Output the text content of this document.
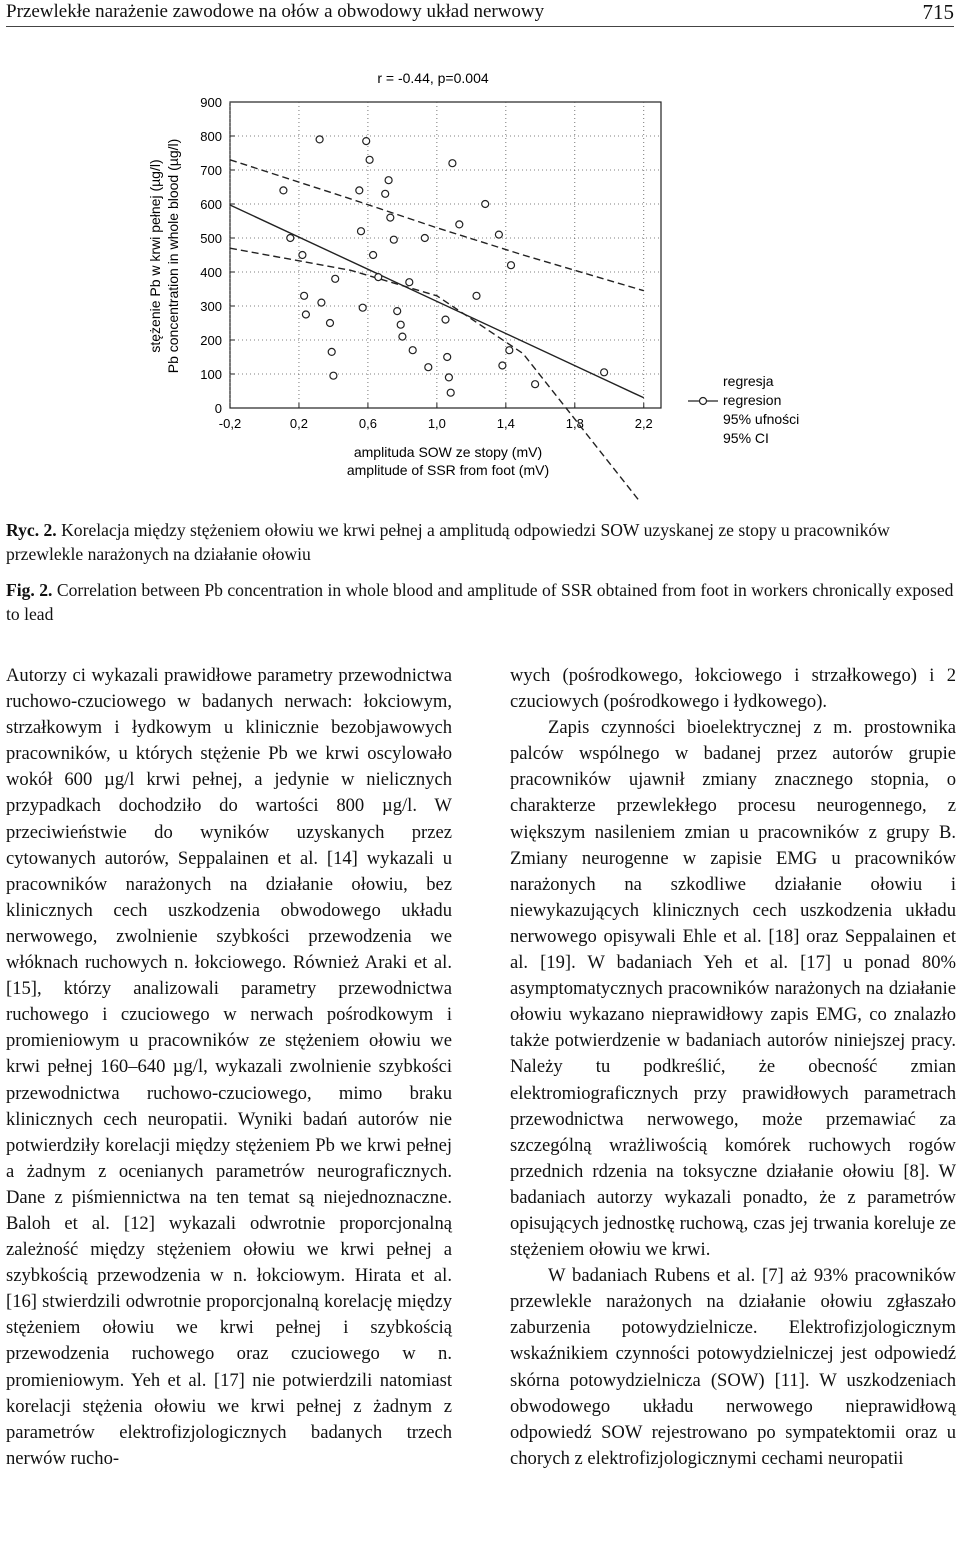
Przewlekłe narażenie zawodowe na ołów a obwodowy układ nerwowy	715
0
100
200
300
400
500
600
700
800
900
-0,2	0,2	0,6	1,0	1,4	1,8	2,2
r = -0.44, p=0.004
stężenie Pb w krwi pełnej (µg/l) Pb concentration in whole blood (µg/l)
amplituda SOW ze stopy (mV)
amplitude of SSR from foot (mV)
regresja
regresion
95% ufności
95% CI
Ryc. 2. Korelacja między stężeniem ołowiu we krwi pełnej a amplitudą odpowiedzi SOW uzyskanej ze stopy u pracowników przewlekle narażonych na działanie ołowiu
Fig. 2. Correlation between Pb concentration in whole blood and amplitude of SSR obtained from foot in workers chronically exposed to lead

Autorzy ci wykazali prawidłowe parametry przewodnictwa ruchowo-czuciowego w badanych nerwach: łokciowym, strzałkowym i łydkowym u klinicznie bezobjawowych pracowników, u których stężenie Pb we krwi oscylowało wokół 600 µg/l krwi pełnej, a jedynie w nielicznych przypadkach dochodziło do wartości 800 µg/l. W przeciwieństwie do wyników uzyskanych przez cytowanych autorów, Seppalainen et al. [14] wykazali u pracowników narażonych na działanie ołowiu, bez klinicznych cech uszkodzenia obwodowego układu nerwowego, zwolnienie szybkości przewodzenia we włóknach ruchowych n. łokciowego. Również Araki et al. [15], którzy analizowali parametry przewodnictwa ruchowego i czuciowego w nerwach pośrodkowym i promieniowym u pracowników ze stężeniem ołowiu we krwi pełnej 160–640 µg/l, wykazali zwolnienie szybkości przewodnictwa ruchowo-czuciowego, mimo braku klinicznych cech neuropatii. Wyniki badań autorów nie potwierdziły korelacji między stężeniem Pb we krwi pełnej a żadnym z ocenianych parametrów neurograficznych. Dane z piśmiennictwa na ten temat są niejednoznaczne. Baloh et al. [12] wykazali odwrotnie proporcjonalną zależność między stężeniem ołowiu we krwi pełnej a szybkością przewodzenia w n. łokciowym. Hirata et al. [16] stwierdzili odwrotnie proporcjonalną korelację między stężeniem ołowiu we krwi pełnej i szybkością przewodzenia ruchowego oraz czuciowego w n. promieniowym. Yeh et al. [17] nie potwierdzili natomiast korelacji stężenia ołowiu we krwi pełnej z żadnym z parametrów elektrofizjologicznych badanych trzech nerwów rucho-

wych (pośrodkowego, łokciowego i strzałkowego) i 2 czuciowych (pośrodkowego i łydkowego).

Zapis czynności bioelektrycznej z m. prostownika palców wspólnego w badanej przez autorów grupie pracowników ujawnił zmiany znacznego stopnia, o charakterze przewlekłego procesu neurogennego, z większym nasileniem zmian u pracowników z grupy B. Zmiany neurogenne w zapisie EMG u pracowników narażonych na szkodliwe działanie ołowiu i niewykazujących klinicznych cech uszkodzenia układu nerwowego opisywali Ehle et al. [18] oraz Seppalainen et al. [19]. W badaniach Yeh et al. [17] u ponad 80% asymptomatycznych pracowników narażonych na działanie ołowiu wykazano nieprawidłowy zapis EMG, co znalazło także potwierdzenie w badaniach autorów niniejszej pracy. Należy tu podkreślić, że obecność zmian elektromiograficznych przy prawidłowych parametrach przewodnictwa nerwowego, może przemawiać za szczególną wrażliwością komórek ruchowych rogów przednich rdzenia na toksyczne działanie ołowiu [8]. W badaniach autorzy wykazali ponadto, że z parametrów opisujących jednostkę ruchową, czas jej trwania koreluje ze stężeniem ołowiu we krwi.

W badaniach Rubens et al. [7] aż 93% pracowników przewlekle narażonych na działanie ołowiu zgłaszało zaburzenia potowydzielnicze. Elektrofizjologicznym wskaźnikiem czynności potowydzielniczej jest odpowiedź skórna potowydzielnicza (SOW) [11]. W uszkodzeniach obwodowego układu nerwowego nieprawidłową odpowiedź SOW rejestrowano po sympatektomii oraz u chorych z elektrofizjologicznymi cechami neuropatii
